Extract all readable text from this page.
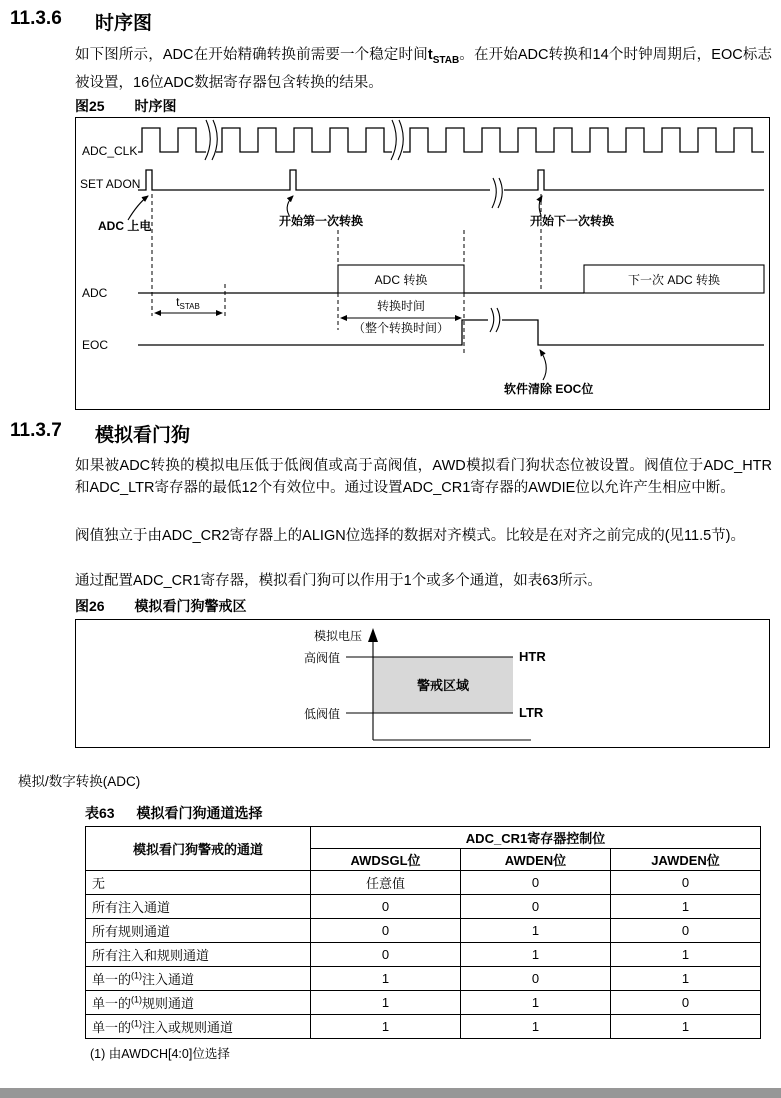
11.3.6	时序图
如下图所示，ADC在开始精确转换前需要一个稳定时间$t_{STAB}$。在开始ADC转换和14个时钟周期后，EOC标志被设置，16位ADC数据寄存器包含转换的结果。
图25 时序图
ADC_CLK
SET ADON
ADC
EOC
ADC 上电	开始第一次转换	开始下一次转换
ADC 转换	下一次 ADC 转换
tSTAB	转换时间
（整个转换时间）
软件清除 EOC位
11.3.7	模拟看门狗
如果被ADC转换的模拟电压低于低阀值或高于高阀值，AWD模拟看门狗状态位被设置。阀值位于ADC_HTR和ADC_LTR寄存器的最低12个有效位中。通过设置ADC_CR1寄存器的AWDIE位以允许产生相应中断。
阀值独立于由ADC_CR2寄存器上的ALIGN位选择的数据对齐模式。比较是在对齐之前完成的(见11.5节)。
通过配置ADC_CR1寄存器，模拟看门狗可以作用于1个或多个通道，如表63所示。
图26 模拟看门狗警戒区
模拟电压
高阀值
低阀值
警戒区域
HTR
LTR
模拟/数字转换(ADC)
表63 模拟看门狗通道选择
模拟看门狗警戒的通道	ADC_CR1寄存器控制位		
	AWDSGL位	AWDEN位	JAWDEN位
无	任意值	0	0
所有注入通道	0	0	1
所有规则通道	0	1	0
所有注入和规则通道	0	1	1
单一的$^{(1)}$注入通道	1	0	1
单一的$^{(1)}$规则通道	1	1	0
单一的$^{(1)}$注入或规则通道	1	1	1
(1) 由AWDCH[4:0]位选择
